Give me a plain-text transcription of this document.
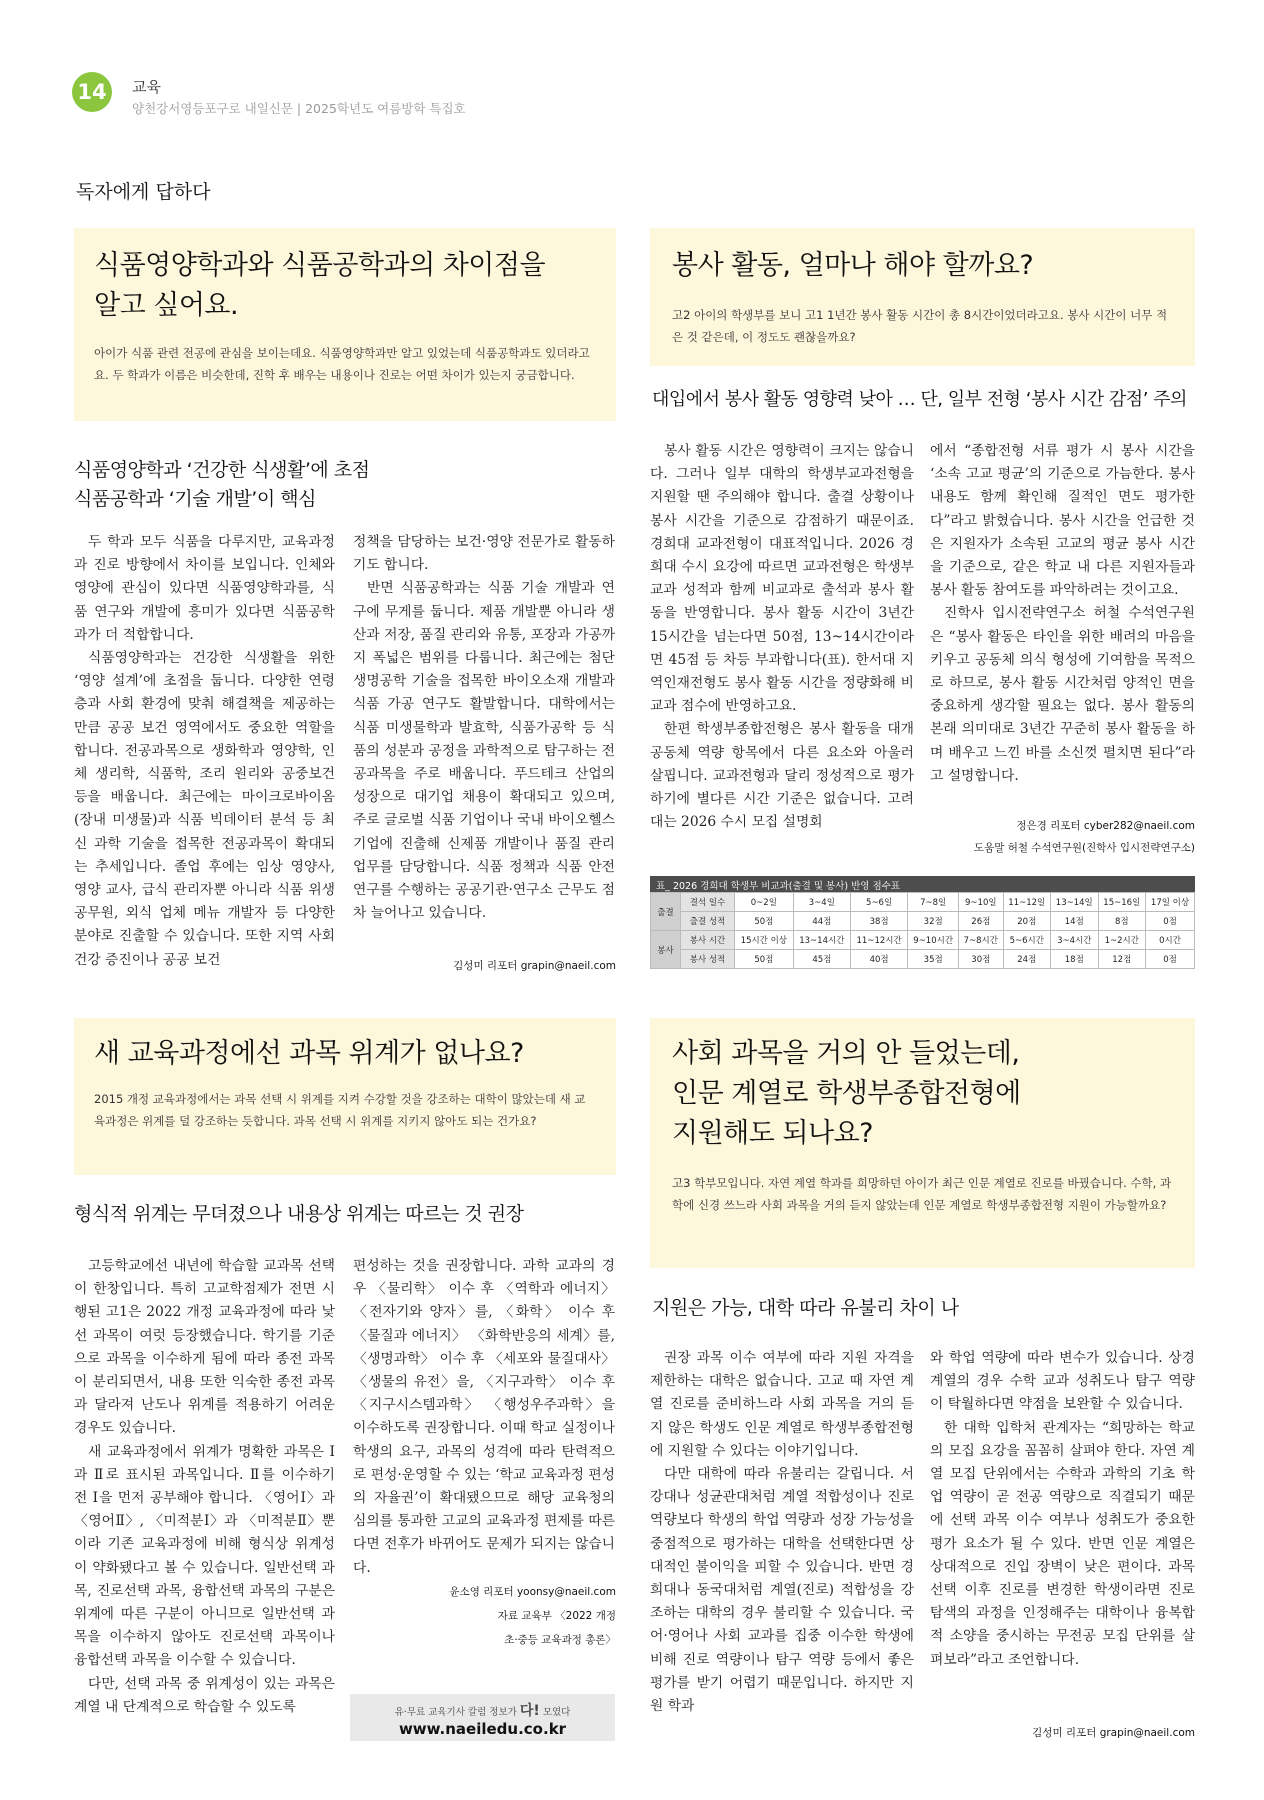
14	교육
양천강서영등포구로 내일신문 | 2025학년도 여름방학 특집호
독자에게 답하다
식품영양학과와 식품공학과의 차이점을
알고 싶어요.
아이가 식품 관련 전공에 관심을 보이는데요. 식품영양학과만 알고 있었는데 식품공학과도 있더라고요. 두 학과가 이름은 비슷한데, 진학 후 배우는 내용이나 진로는 어떤 차이가 있는지 궁금합니다.
식품영양학과 ‘건강한 식생활’에 초점
식품공학과 ‘기술 개발’이 핵심

두 학과 모두 식품을 다루지만, 교육과정과 진로 방향에서 차이를 보입니다. 인체와 영양에 관심이 있다면 식품영양학과를, 식품 연구와 개발에 흥미가 있다면 식품공학과가 더 적합합니다.

식품영양학과는 건강한 식생활을 위한 ‘영양 설계’에 초점을 둡니다. 다양한 연령층과 사회 환경에 맞춰 해결책을 제공하는 만큼 공공 보건 영역에서도 중요한 역할을 합니다. 전공과목으로 생화학과 영양학, 인체 생리학, 식품학, 조리 원리와 공중보건 등을 배웁니다. 최근에는 마이크로바이옴(장내 미생물)과 식품 빅데이터 분석 등 최신 과학 기술을 접목한 전공과목이 확대되는 추세입니다. 졸업 후에는 임상 영양사, 영양 교사, 급식 관리자뿐 아니라 식품 위생 공무원, 외식 업체 메뉴 개발자 등 다양한 분야로 진출할 수 있습니다. 또한 지역 사회 건강 증진이나 공공 보건

정책을 담당하는 보건·영양 전문가로 활동하기도 합니다.

반면 식품공학과는 식품 기술 개발과 연구에 무게를 둡니다. 제품 개발뿐 아니라 생산과 저장, 품질 관리와 유통, 포장과 가공까지 폭넓은 범위를 다룹니다. 최근에는 첨단 생명공학 기술을 접목한 바이오소재 개발과 식품 가공 연구도 활발합니다. 대학에서는 식품 미생물학과 발효학, 식품가공학 등 식품의 성분과 공정을 과학적으로 탐구하는 전공과목을 주로 배웁니다. 푸드테크 산업의 성장으로 대기업 채용이 확대되고 있으며, 주로 글로벌 식품 기업이나 국내 바이오헬스 기업에 진출해 신제품 개발이나 품질 관리 업무를 담당합니다. 식품 정책과 식품 안전 연구를 수행하는 공공기관·연구소 근무도 점차 늘어나고 있습니다.

김성미 리포터 grapin@naeil.com
봉사 활동, 얼마나 해야 할까요?
고2 아이의 학생부를 보니 고1 1년간 봉사 활동 시간이 총 8시간이었더라고요. 봉사 시간이 너무 적은 것 같은데, 이 정도도 괜찮을까요?
대입에서 봉사 활동 영향력 낮아 … 단, 일부 전형 ‘봉사 시간 감점’ 주의

봉사 활동 시간은 영향력이 크지는 않습니다. 그러나 일부 대학의 학생부교과전형을 지원할 땐 주의해야 합니다. 출결 상황이나 봉사 시간을 기준으로 감점하기 때문이죠. 경희대 교과전형이 대표적입니다. 2026 경희대 수시 요강에 따르면 교과전형은 학생부 교과 성적과 함께 비교과로 출석과 봉사 활동을 반영합니다. 봉사 활동 시간이 3년간 15시간을 넘는다면 50점, 13~14시간이라면 45점 등 차등 부과합니다(표). 한서대 지역인재전형도 봉사 활동 시간을 정량화해 비교과 점수에 반영하고요.

한편 학생부종합전형은 봉사 활동을 대개 공동체 역량 항목에서 다른 요소와 아울러 살핍니다. 교과전형과 달리 정성적으로 평가하기에 별다른 시간 기준은 없습니다. 고려대는 2026 수시 모집 설명회

에서 “종합전형 서류 평가 시 봉사 시간을 ‘소속 고교 평균’의 기준으로 가늠한다. 봉사 내용도 함께 확인해 질적인 면도 평가한다”라고 밝혔습니다. 봉사 시간을 언급한 것은 지원자가 소속된 고교의 평균 봉사 시간을 기준으로, 같은 학교 내 다른 지원자들과 봉사 활동 참여도를 파악하려는 것이고요.

진학사 입시전략연구소 허철 수석연구원은 “봉사 활동은 타인을 위한 배려의 마음을 키우고 공동체 의식 형성에 기여함을 목적으로 하므로, 봉사 활동 시간처럼 양적인 면을 중요하게 생각할 필요는 없다. 봉사 활동의 본래 의미대로 3년간 꾸준히 봉사 활동을 하며 배우고 느낀 바를 소신껏 펼치면 된다”라고 설명합니다.

정은경 리포터 cyber282@naeil.com
도움말 허철 수석연구원(진학사 입시전략연구소)
표_ 2026 경희대 학생부 비교과(출결 및 봉사) 반영 점수표
출결	결석 일수	0~2일	3~4일	5~6일	7~8일	9~10일	11~12일	13~14일	15~16일	17일 이상
	출결 성적	50점	44점	38점	32점	26점	20점	14점	8점	0점
봉사	봉사 시간	15시간 이상	13~14시간	11~12시간	9~10시간	7~8시간	5~6시간	3~4시간	1~2시간	0시간
	봉사 성적	50점	45점	40점	35점	30점	24점	18점	12점	0점
새 교육과정에선 과목 위계가 없나요?
2015 개정 교육과정에서는 과목 선택 시 위계를 지켜 수강할 것을 강조하는 대학이 많았는데 새 교육과정은 위계를 덜 강조하는 듯합니다. 과목 선택 시 위계를 지키지 않아도 되는 건가요?
형식적 위계는 무뎌졌으나 내용상 위계는 따르는 것 권장

고등학교에선 내년에 학습할 교과목 선택이 한창입니다. 특히 고교학점제가 전면 시행된 고1은 2022 개정 교육과정에 따라 낯선 과목이 여럿 등장했습니다. 학기를 기준으로 과목을 이수하게 됨에 따라 종전 과목이 분리되면서, 내용 또한 익숙한 종전 과목과 달라져 난도나 위계를 적용하기 어려운 경우도 있습니다.

새 교육과정에서 위계가 명확한 과목은 Ⅰ과 Ⅱ로 표시된 과목입니다. Ⅱ를 이수하기 전 Ⅰ을 먼저 공부해야 합니다. 〈영어Ⅰ〉과 〈영어Ⅱ〉, 〈미적분Ⅰ〉과 〈미적분Ⅱ〉뿐이라 기존 교육과정에 비해 형식상 위계성이 약화됐다고 볼 수 있습니다. 일반선택 과목, 진로선택 과목, 융합선택 과목의 구분은 위계에 따른 구분이 아니므로 일반선택 과목을 이수하지 않아도 진로선택 과목이나 융합선택 과목을 이수할 수 있습니다.

다만, 선택 과목 중 위계성이 있는 과목은 계열 내 단계적으로 학습할 수 있도록

편성하는 것을 권장합니다. 과학 교과의 경우 〈물리학〉 이수 후 〈역학과 에너지〉 〈전자기와 양자〉를, 〈화학〉 이수 후 〈물질과 에너지〉 〈화학반응의 세계〉를, 〈생명과학〉 이수 후 〈세포와 물질대사〉 〈생물의 유전〉을, 〈지구과학〉 이수 후 〈지구시스템과학〉 〈행성우주과학〉을 이수하도록 권장합니다. 이때 학교 실정이나 학생의 요구, 과목의 성격에 따라 탄력적으로 편성·운영할 수 있는 ‘학교 교육과정 편성의 자율권’이 확대됐으므로 해당 교육청의 심의를 통과한 고교의 교육과정 편제를 따른다면 전후가 바뀌어도 문제가 되지는 않습니다.

윤소영 리포터 yoonsy@naeil.com
자료 교육부 〈2022 개정
초·중등 교육과정 총론〉
유·무료 교육기사 칼럼 정보가 다! 모였다
www.naeiledu.co.kr
사회 과목을 거의 안 들었는데,
인문 계열로 학생부종합전형에
지원해도 되나요?
고3 학부모입니다. 자연 계열 학과를 희망하던 아이가 최근 인문 계열로 진로를 바꿨습니다. 수학, 과학에 신경 쓰느라 사회 과목을 거의 듣지 않았는데 인문 계열로 학생부종합전형 지원이 가능할까요?
지원은 가능, 대학 따라 유불리 차이 나

권장 과목 이수 여부에 따라 지원 자격을 제한하는 대학은 없습니다. 고교 때 자연 계열 진로를 준비하느라 사회 과목을 거의 듣지 않은 학생도 인문 계열로 학생부종합전형에 지원할 수 있다는 이야기입니다.

다만 대학에 따라 유불리는 갈립니다. 서강대나 성균관대처럼 계열 적합성이나 진로 역량보다 학생의 학업 역량과 성장 가능성을 중점적으로 평가하는 대학을 선택한다면 상대적인 불이익을 피할 수 있습니다. 반면 경희대나 동국대처럼 계열(진로) 적합성을 강조하는 대학의 경우 불리할 수 있습니다. 국어·영어나 사회 교과를 집중 이수한 학생에 비해 진로 역량이나 탐구 역량 등에서 좋은 평가를 받기 어렵기 때문입니다. 하지만 지원 학과

와 학업 역량에 따라 변수가 있습니다. 상경 계열의 경우 수학 교과 성취도나 탐구 역량이 탁월하다면 약점을 보완할 수 있습니다.

한 대학 입학처 관계자는 “희망하는 학교의 모집 요강을 꼼꼼히 살펴야 한다. 자연 계열 모집 단위에서는 수학과 과학의 기초 학업 역량이 곧 전공 역량으로 직결되기 때문에 선택 과목 이수 여부나 성취도가 중요한 평가 요소가 될 수 있다. 반면 인문 계열은 상대적으로 진입 장벽이 낮은 편이다. 과목 선택 이후 진로를 변경한 학생이라면 진로 탐색의 과정을 인정해주는 대학이나 융복합적 소양을 중시하는 무전공 모집 단위를 살펴보라”라고 조언합니다.

김성미 리포터 grapin@naeil.com
